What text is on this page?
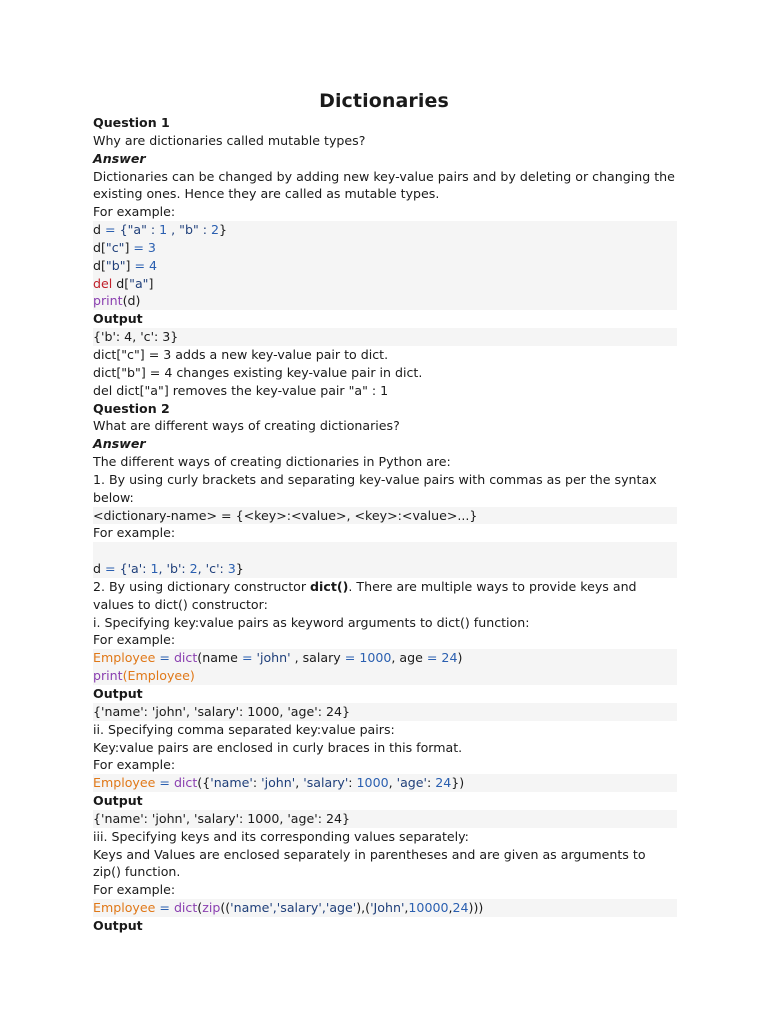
Dictionaries
Question 1
Why are dictionaries called mutable types?
Answer
Dictionaries can be changed by adding new key-value pairs and by deleting or changing the existing ones. Hence they are called as mutable types.
For example:
d = {"a" : 1 , "b" : 2}
d["c"] = 3
d["b"] = 4
del d["a"]
print(d)
Output
{'b': 4, 'c': 3}
dict["c"] = 3 adds a new key-value pair to dict.
dict["b"] = 4 changes existing key-value pair in dict.
del dict["a"] removes the key-value pair "a" : 1
Question 2
What are different ways of creating dictionaries?
Answer
The different ways of creating dictionaries in Python are:
1. By using curly brackets and separating key-value pairs with commas as per the syntax below:
<dictionary-name> = {<key>:<value>, <key>:<value>...}
For example:
d = {'a': 1, 'b': 2, 'c': 3}
2. By using dictionary constructor dict(). There are multiple ways to provide keys and values to dict() constructor:
i. Specifying key:value pairs as keyword arguments to dict() function:
For example:
Employee = dict(name = 'john' , salary = 1000, age = 24)
print(Employee)
Output
{'name': 'john', 'salary': 1000, 'age': 24}
ii. Specifying comma separated key:value pairs:
Key:value pairs are enclosed in curly braces in this format.
For example:
Employee = dict({'name': 'john', 'salary': 1000, 'age': 24})
Output
{'name': 'john', 'salary': 1000, 'age': 24}
iii. Specifying keys and its corresponding values separately:
Keys and Values are enclosed separately in parentheses and are given as arguments to zip() function.
For example:
Employee = dict(zip(('name','salary','age'),('John',10000,24)))
Output
